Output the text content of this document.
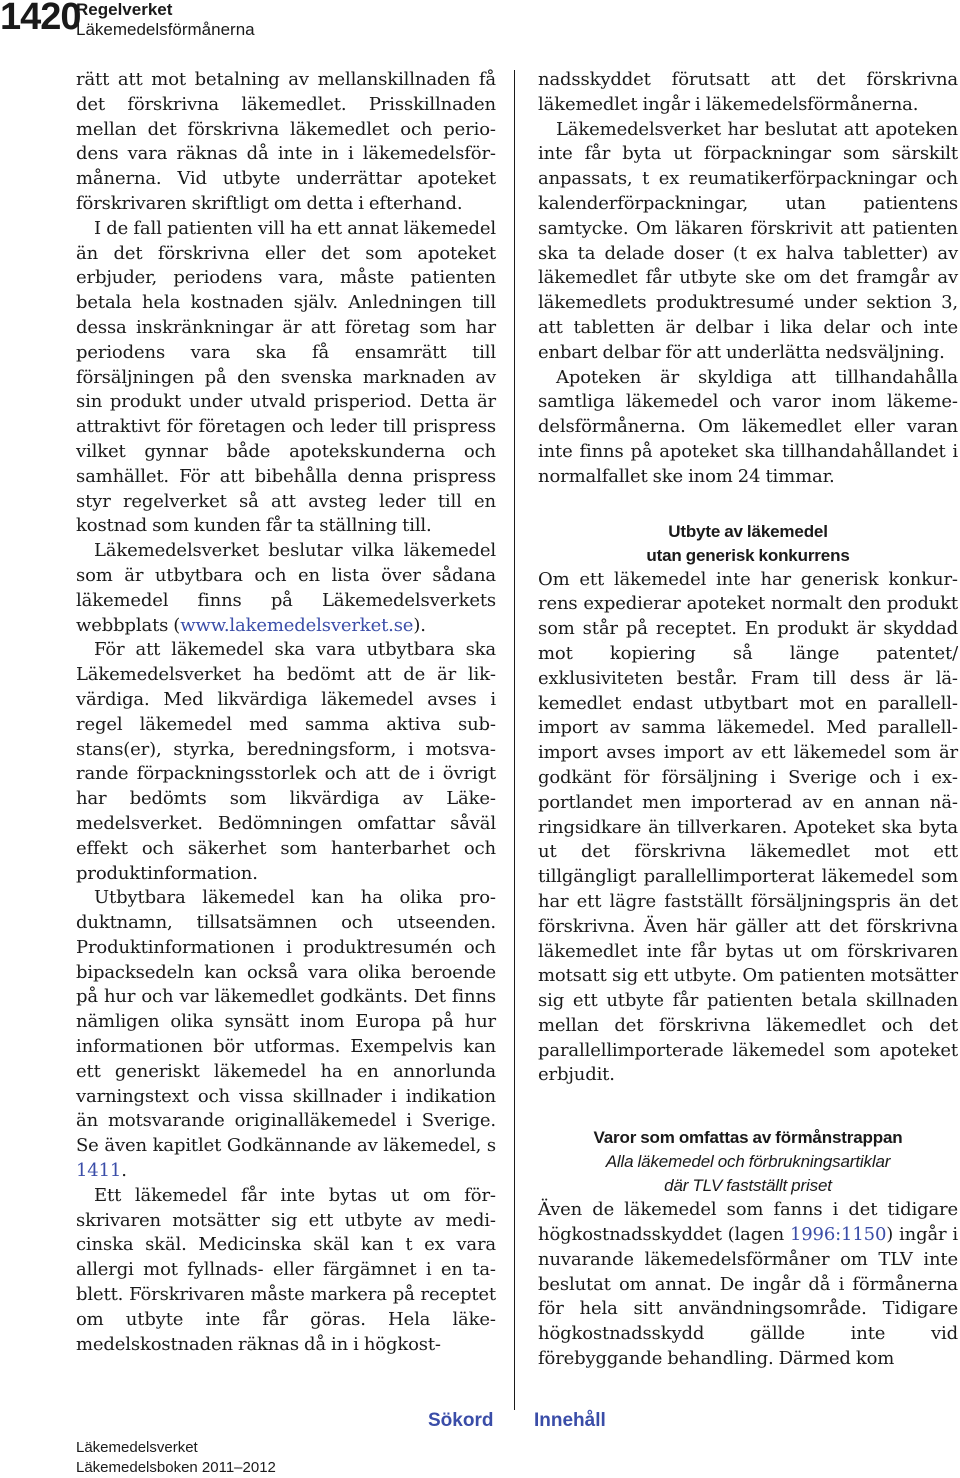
1420
Regelverket
Läkemedelsförmånerna

rätt att mot betalning av mellanskillnaden få det förskrivna läkemedlet. Prisskillnaden mellan det förskrivna läkemedlet och periodens vara räknas då inte in i läkemedelsförmånerna. Vid utbyte underrättar apoteket förskrivaren skriftligt om detta i efterhand.

I de fall patienten vill ha ett annat läkemedel än det förskrivna eller det som apoteket erbjuder, periodens vara, måste patienten betala hela kostnaden själv. Anledningen till dessa inskränkningar är att företag som har periodens vara ska få ensamrätt till försäljningen på den svenska marknaden av sin produkt under utvald prisperiod. Detta är attraktivt för företagen och leder till prispress vilket gynnar både apotekskunderna och samhället. För att bibehålla denna prispress styr regelverket så att avsteg leder till en kostnad som kunden får ta ställning till.

Läkemedelsverket beslutar vilka läkemedel som är utbytbara och en lista över sådana läkemedel finns på Läkemedelsverkets webbplats (www.lakemedelsverket.se).

För att läkemedel ska vara utbytbara ska Läkemedelsverket ha bedömt att de är likvärdiga. Med likvärdiga läkemedel avses i regel läkemedel med samma aktiva substans(er), styrka, beredningsform, i motsvarande förpackningsstorlek och att de i övrigt har bedömts som likvärdiga av Läkemedelsverket. Bedömningen omfattar såväl effekt och säkerhet som hanterbarhet och produktinformation.

Utbytbara läkemedel kan ha olika produktnamn, tillsatsämnen och utseenden. Produktinformationen i produktresumén och bipacksedeln kan också vara olika beroende på hur och var läkemedlet godkänts. Det finns nämligen olika synsätt inom Europa på hur informationen bör utformas. Exempelvis kan ett generiskt läkemedel ha en annorlunda varningstext och vissa skillnader i indikation än motsvarande originalläkemedel i Sverige. Se även kapitlet Godkännande av läkemedel, s 1411.

Ett läkemedel får inte bytas ut om förskrivaren motsätter sig ett utbyte av medicinska skäl. Medicinska skäl kan t ex vara allergi mot fyllnads- eller färgämnet i en tablett. Förskrivaren måste markera på receptet om utbyte inte får göras. Hela läkemedelskostnaden räknas då in i högkost-

nadsskyddet förutsatt att det förskrivna läkemedlet ingår i läkemedelsförmånerna.

Läkemedelsverket har beslutat att apoteken inte får byta ut förpackningar som särskilt anpassats, t ex reumatikerförpackningar och kalenderförpackningar, utan patientens samtycke. Om läkaren förskrivit att patienten ska ta delade doser (t ex halva tabletter) av läkemedlet får utbyte ske om det framgår av läkemedlets produktresumé under sektion 3, att tabletten är delbar i lika delar och inte enbart delbar för att underlätta nedsväljning.

Apoteken är skyldiga att tillhandahålla samtliga läkemedel och varor inom läkemedelsförmånerna. Om läkemedlet eller varan inte finns på apoteket ska tillhandahållandet i normalfallet ske inom 24 timmar.

Utbyte av läkemedel
utan generisk konkurrens

Om ett läkemedel inte har generisk konkurrens expedierar apoteket normalt den produkt som står på receptet. En produkt är skyddad mot kopiering så länge patentet/ exklusiviteten består. Fram till dess är läkemedlet endast utbytbart mot en parallellimport av samma läkemedel. Med parallellimport avses import av ett läkemedel som är godkänt för försäljning i Sverige och i exportlandet men importerad av en annan näringsidkare än tillverkaren. Apoteket ska byta ut det förskrivna läkemedlet mot ett tillgängligt parallellimporterat läkemedel som har ett lägre fastställt försäljningspris än det förskrivna. Även här gäller att det förskrivna läkemedlet inte får bytas ut om förskrivaren motsatt sig ett utbyte. Om patienten motsätter sig ett utbyte får patienten betala skillnaden mellan det förskrivna läkemedlet och det parallellimporterade läkemedel som apoteket erbjudit.

Varor som omfattas av förmånstrappan
Alla läkemedel och förbrukningsartiklar
där TLV fastställt priset

Även de läkemedel som fanns i det tidigare högkostnadsskyddet (lagen 1996:1150) ingår i nuvarande läkemedelsförmåner om TLV inte beslutat om annat. De ingår då i förmånerna för hela sitt användningsområde. Tidigare högkostnadsskydd gällde inte vid förebyggande behandling. Därmed kom

Sökord Innehåll
Läkemedelsverket
Läkemedelsboken 2011–2012
